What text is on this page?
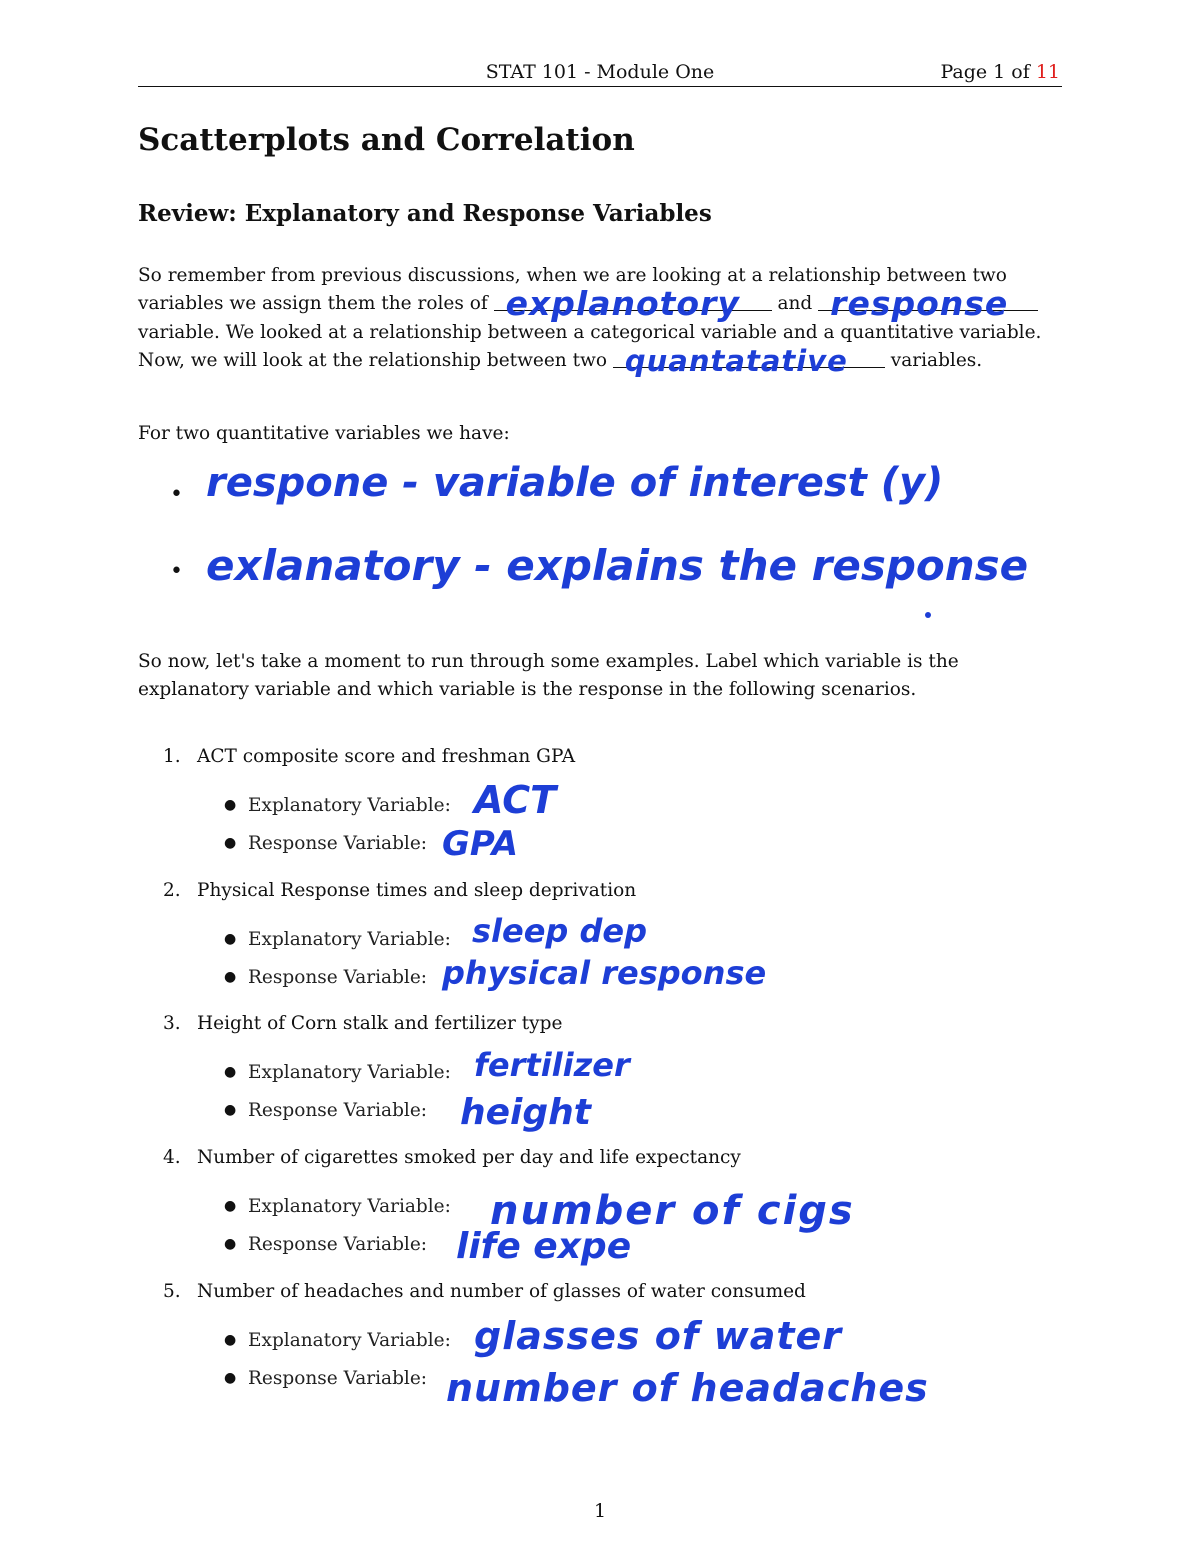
STAT 101 - Module One	Page 1 of 11
Scatterplots and Correlation
Review: Explanatory and Response Variables

So remember from previous discussions, when we are looking at a relationship between two variables we assign them the roles of explanotory and response
variable. We looked at a relationship between a categorical variable and a quantitative variable. Now, we will look at the relationship between two quantatative variables.

For two quantitative variables we have:

• respone - variable of interest (y)
• exlanatory - explains the response

So now, let's take a moment to run through some examples. Label which variable is the explanatory variable and which variable is the response in the following scenarios.

1. ACT composite score and freshman GPA
● Explanatory Variable: ACT
● Response Variable: GPA
2. Physical Response times and sleep deprivation
● Explanatory Variable: sleep dep
● Response Variable: physical response
3. Height of Corn stalk and fertilizer type
● Explanatory Variable: fertilizer
● Response Variable: height
4. Number of cigarettes smoked per day and life expectancy
● Explanatory Variable: number of cigs
● Response Variable: life expe
5. Number of headaches and number of glasses of water consumed
● Explanatory Variable: glasses of water
● Response Variable: number of headaches
1
